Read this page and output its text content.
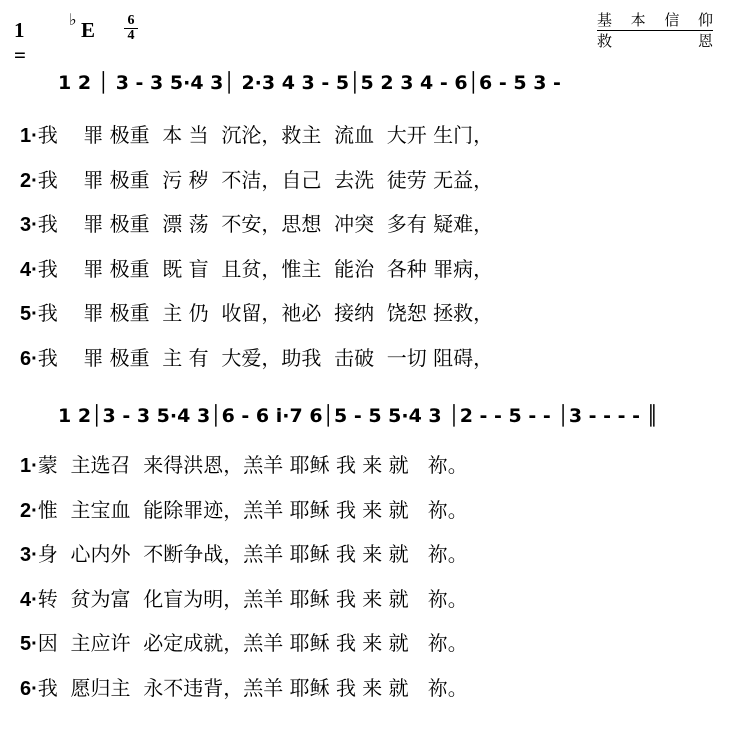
1 =
♭ E $\frac{6}{4}$	基本信仰
救恩
1 2 │ 3 - 3 5·4 3│ 2·3 4 3 - 5│5 2 3 4 - 6│6 - 5 3 -
1·我    罪 极重  本 当  沉沦，救主  流血  大开 生门，
2·我    罪 极重  污 秽  不洁，自己  去洗  徒劳 无益，
3·我    罪 极重  漂 荡  不安，思想  冲突  多有 疑难，
4·我    罪 极重  既 盲  且贫，惟主  能治  各种 罪病，
5·我    罪 极重  主 仍  收留，祂必  接纳  饶恕 拯救，
6·我    罪 极重  主 有  大爱，助我  击破  一切 阻碍，
1 2│3 - 3 5·4 3│6 - 6 i·7 6│5 - 5 5·4 3 │2 - - 5 - - │3 - - - - ║
1·蒙  主选召  来得洪恩，羔羊 耶稣 我 来 就   祢。
2·惟  主宝血  能除罪迹，羔羊 耶稣 我 来 就   祢。
3·身  心内外  不断争战，羔羊 耶稣 我 来 就   祢。
4·转  贫为富  化盲为明，羔羊 耶稣 我 来 就   祢。
5·因  主应许  必定成就，羔羊 耶稣 我 来 就   祢。
6·我  愿归主  永不违背，羔羊 耶稣 我 来 就   祢。
